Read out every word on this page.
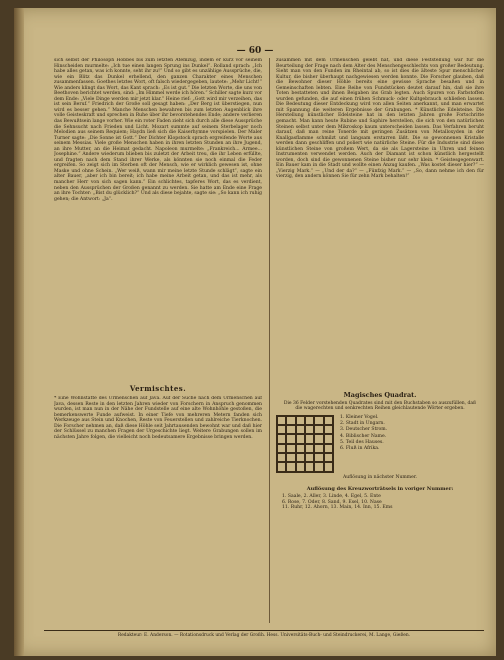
— 60 —

sich selbst der Philosoph Hobbes bis zum letzten Atemzug, indem er kurz vor seinem Hinscheiden murmelte: „Ich tue einen langen Sprung ins Dunkel“. Rolland sprach: „Ich habe alles getan, was ich konnte, seht ihr zu!“ Und so gibt es unzählige Aussprüche, die, wie ein Blitz das Dunkel erhellend, den ganzen Charakter eines Menschen zusammenfassen. Goethes letztes Wort, oft falsch wiedergegeben, lautete: „Mehr Licht!“ Wie anders klingt das Wort, das Kant sprach: „Es ist gut.“ Die letzten Worte, die uns von Beethoven berichtet werden, sind: „Im Himmel werde ich hören.“ Schiller sagte kurz vor dem Ende: „Viele Dinge werden mir jetzt klar.“ Heine rief: „Gott wird mir verzeihen, das ist sein Beruf.“ Friedrich der Große soll gesagt haben: „Der Berg ist überstiegen, nun wird es besser gehen.“ Manche Menschen bewahren bis zum letzten Augenblick ihre volle Geisteskraft und sprechen in Ruhe über ihr bevorstehendes Ende; andere verlieren das Bewußtsein lange vorher. Wie ein roter Faden zieht sich durch alle diese Aussprüche die Sehnsucht nach Frieden und Licht. Mozart summte auf seinem Sterbelager noch Melodien aus seinem Requiem; Haydn ließ sich die Kaiserhymne vorspielen. Der Maler Turner sagte: „Die Sonne ist Gott.“ Der Dichter Klopstock sprach ergreifende Worte aus seinem Messias. Viele große Menschen haben in ihren letzten Stunden an ihre Jugend, an ihre Mutter, an die Heimat gedacht. Napoleon murmelte: „Frankreich... Armee... Josephine.“ Andere wiederum blieben bis zuletzt der Arbeit treu, die ihr Leben erfüllte, und fragten nach dem Stand ihrer Werke, als könnten sie noch einmal die Feder ergreifen. So zeigt sich im Sterben oft der Mensch, wie er wirklich gewesen ist, ohne Maske und ohne Schein. „Wer weiß, wann mir meine letzte Stunde schlägt“, sagte ein alter Bauer, „aber ich bin bereit; ich habe meine Arbeit getan, und das ist mehr, als mancher Herr von sich sagen kann.“ Ein schlichtes, tapferes Wort, das es verdient, neben den Aussprüchen der Großen genannt zu werden. Sie hatte am Ende eine Frage an ihre Tochter: „Bist du glücklich?“ Und als diese bejahte, sagte sie: „So kann ich ruhig gehen; die Antwort: „Ja“.

Vermischtes.

* Eine Wohnstätte des Urmenschen auf Java. Auf der Suche nach dem Urmenschen auf Java, dessen Reste in den letzten Jahren wieder von Forschern in Anspruch genommen wurden, ist man nun in der Nähe der Fundstelle auf eine alte Wohnhöhle gestoßen, die bemerkenswerte Funde aufweist. In einer Tiefe von mehreren Metern fanden sich Werkzeuge aus Stein und Knochen, Reste von Feuerstellen und zahlreiche Tierknochen. Die Forscher nehmen an, daß diese Höhle seit Jahrtausenden bewohnt war und daß hier der Schlüssel zu manchen Fragen der Urgeschichte liegt. Weitere Grabungen sollen im nächsten Jahre folgen, die vielleicht noch bedeutsamere Ergebnisse bringen werden.

zusammen mit dem Urmenschen gelebt hat, und diese Feststellung war für die Beurteilung der Frage nach dem Alter des Menschengeschlechts von großer Bedeutung. Sieht man von den Funden im Rheintal ab, so ist dies die älteste Spur menschlicher Kultur, die bisher überhaupt nachgewiesen werden konnte. Die Forscher glauben, daß die Bewohner dieser Höhle bereits eine gewisse Sprache besaßen und in Gemeinschaften lebten. Eine Reihe von Fundstücken deutet darauf hin, daß sie ihre Toten bestatteten und ihnen Beigaben ins Grab legten. Auch Spuren von Farbstoffen wurden gefunden, die auf einen frühen Schmuck- oder Kultgebrauch schließen lassen. Die Bedeutung dieser Entdeckung wird von allen Seiten anerkannt, und man erwartet mit Spannung die weiteren Ergebnisse der Grabungen. * Künstliche Edelsteine. Die Herstellung künstlicher Edelsteine hat in den letzten Jahren große Fortschritte gemacht. Man kann heute Rubine und Saphire herstellen, die sich von den natürlichen Steinen selbst unter dem Mikroskop kaum unterscheiden lassen. Das Verfahren beruht darauf, daß man reine Tonerde mit geringen Zusätzen von Metalloxyden in der Knallgasflamme schmilzt und langsam erstarren läßt. Die so gewonnenen Kristalle werden dann geschliffen und poliert wie natürliche Steine. Für die Industrie sind diese künstlichen Steine von großem Wert, da sie als Lagersteine in Uhren und feinen Instrumenten verwendet werden. Auch der Diamant ist schon künstlich hergestellt worden, doch sind die gewonnenen Steine bisher nur sehr klein. * Geistesgegenwart. Ein Bauer kam in die Stadt und wollte einen Anzug kaufen. „Was kostet dieser hier?“ — „Vierzig Mark.“ — „Und der da?“ — „Fünfzig Mark.“ — „So, dann nehme ich den für vierzig, den andern können Sie für zehn Mark behalten!“

Magisches Quadrat.
Die 36 Felder vorstehenden Quadrates sind mit den Buchstaben so auszufüllen, daß die wagerechten und senkrechten Reihen gleichlautende Wörter ergeben.
1. Kleiner Vogel.
2. Stadt in Ungarn.
3. Deutscher Strom.
4. Biblischer Name.
5. Teil des Hauses.
6. Fluß in Afrika.
Auflösung in nächster Nummer.
Auflösung des Kreuzworträtsels in voriger Nummer:
1. Saale, 2. Aller, 3. Linde, 4. Egel, 5. Ente
6. Rose, 7. Oder, 8. Sand, 9. Esel, 10. Nase
11. Ruhr, 12. Ahorn, 13. Main, 14. Inn, 15. Ems
Redakteur: E. Anderson. — Rotationsdruck und Verlag der Großh. Hess. Universitäts-Buch- und Steindruckerei, M. Lange, Gießen.
